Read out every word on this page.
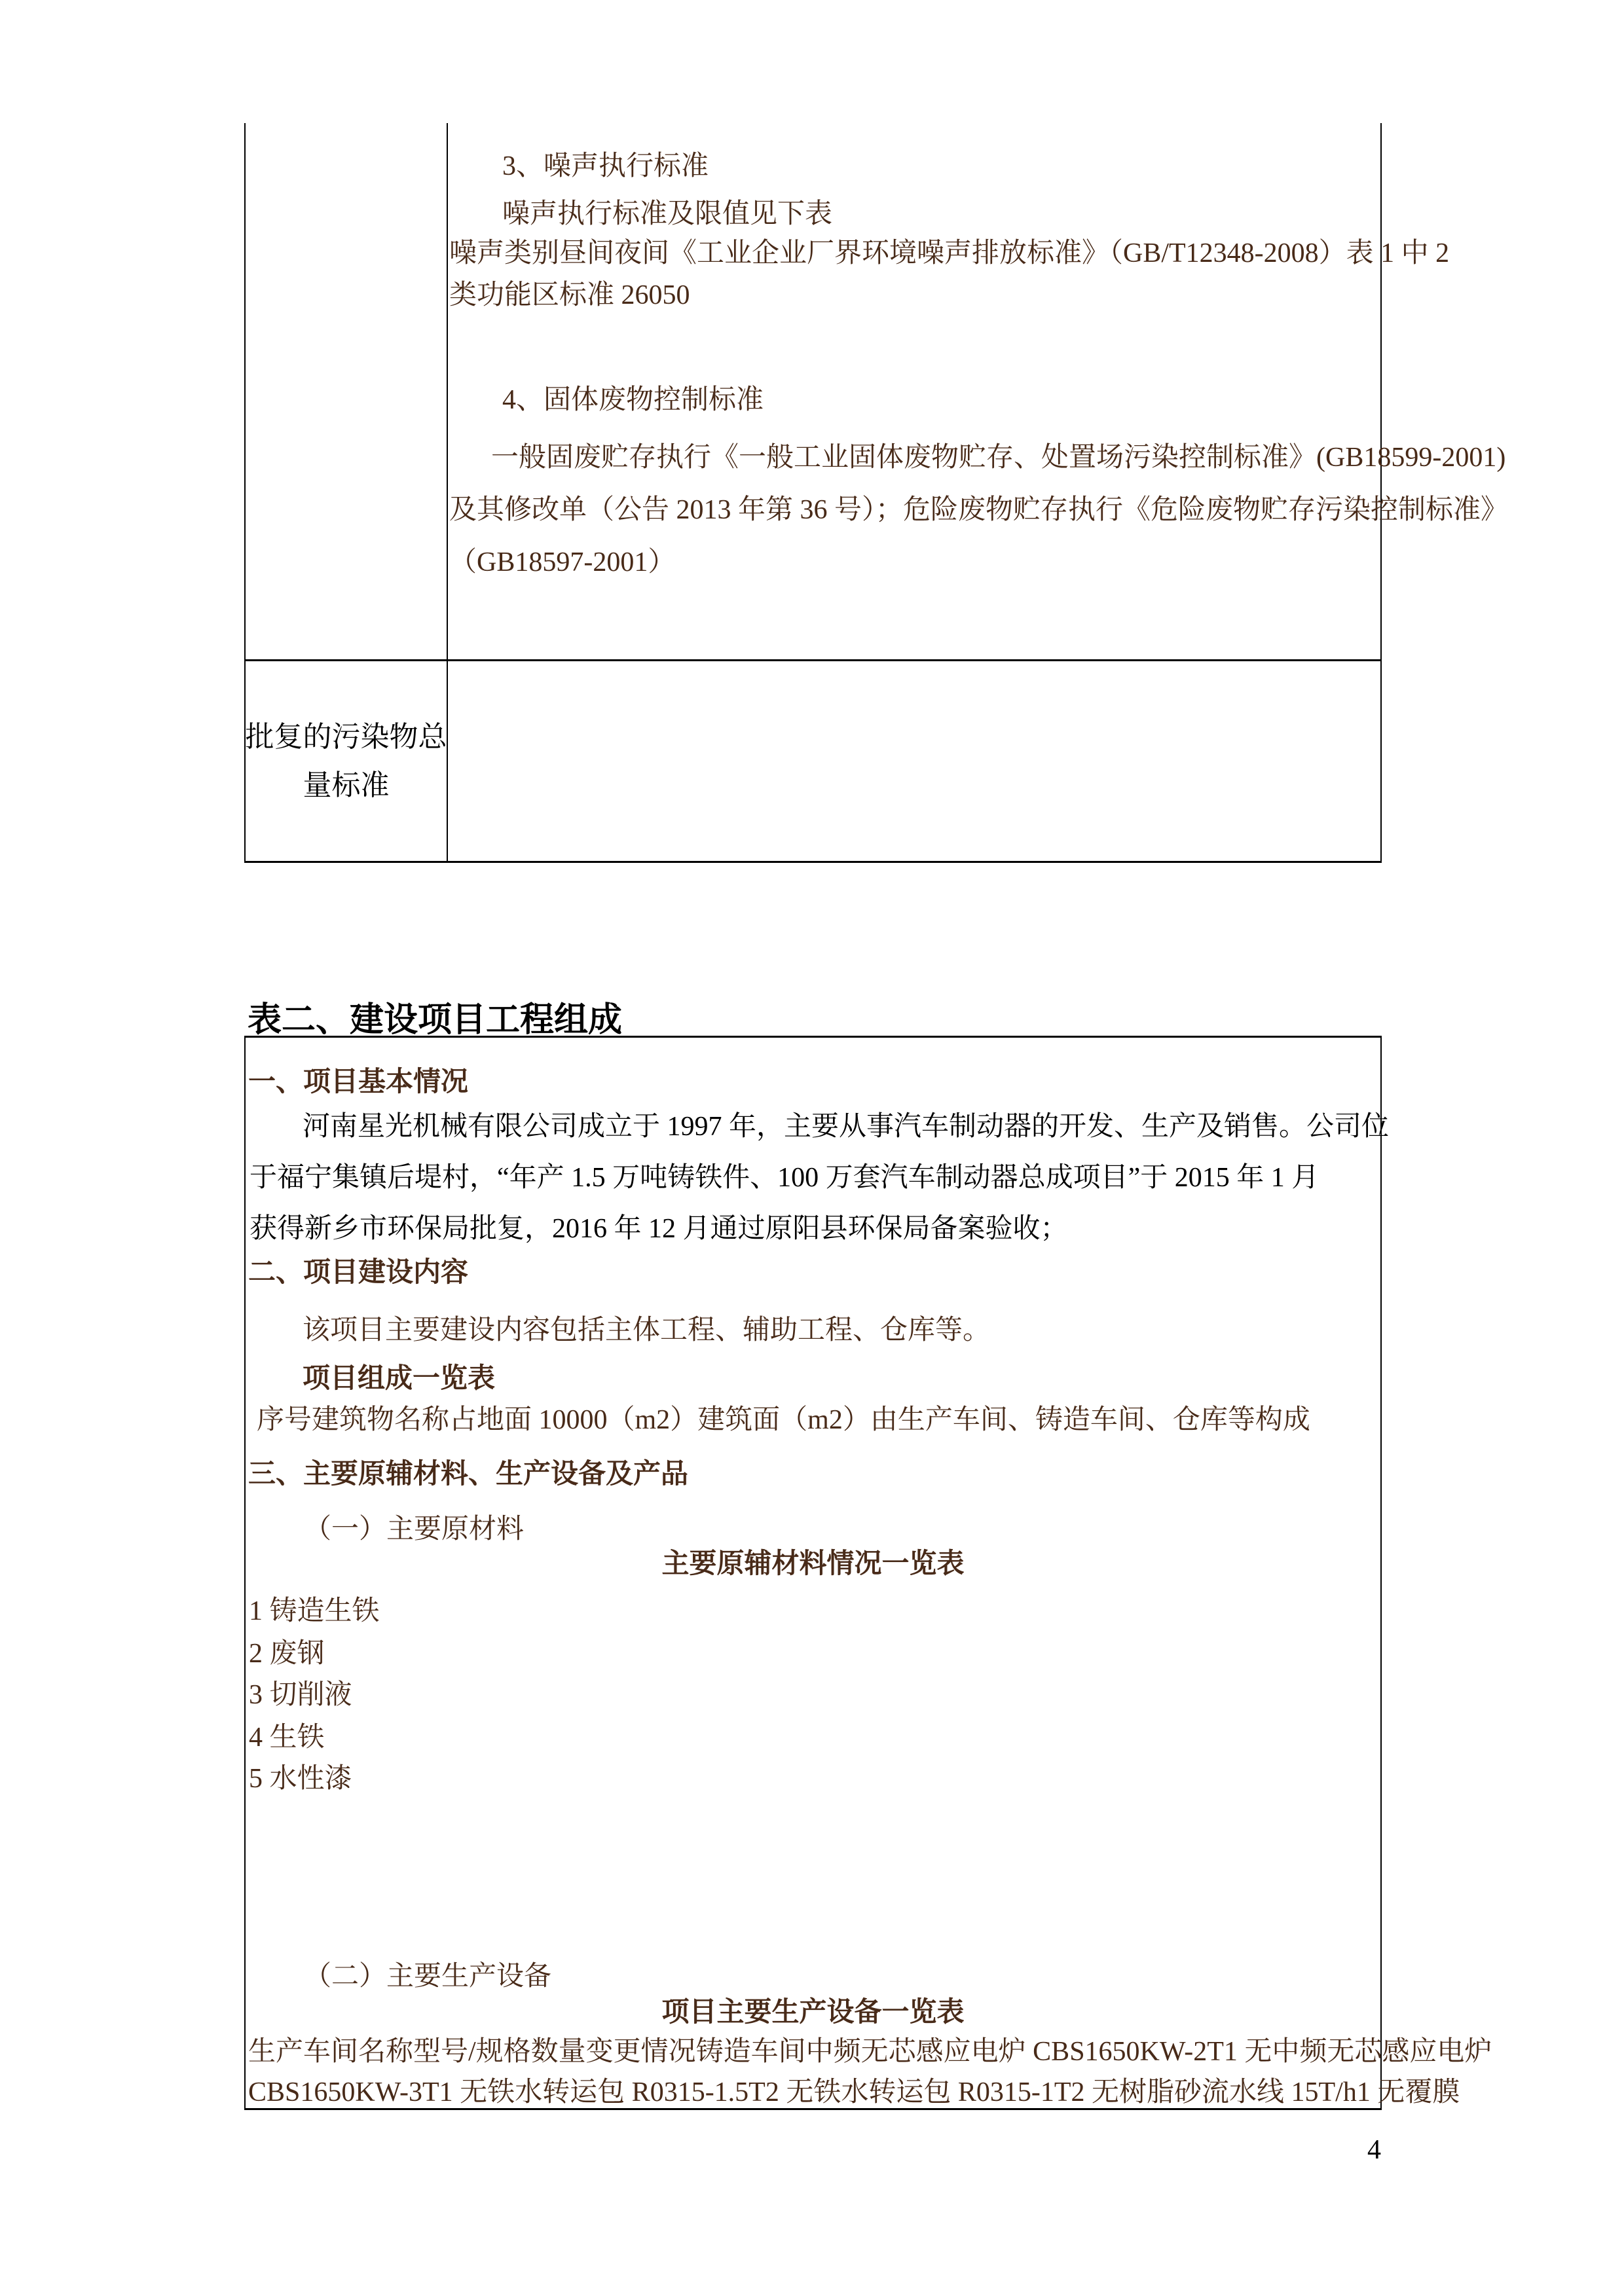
3、噪声执行标准
噪声执行标准及限值见下表
噪声类别昼间夜间《工业企业厂界环境噪声排放标准》（GB/T12348-2008）表 1 中 2
类功能区标准 26050
4、固体废物控制标准
一般固废贮存执行《一般工业固体废物贮存、处置场污染控制标准》(GB18599-2001)
及其修改单（公告 2013 年第 36 号）；危险废物贮存执行《危险废物贮存污染控制标准》
（GB18597-2001）
批复的污染物总
量标准
表二、建设项目工程组成
一、项目基本情况
河南星光机械有限公司成立于 1997 年，主要从事汽车制动器的开发、生产及销售。公司位
于福宁集镇后堤村，“年产 1.5 万吨铸铁件、100 万套汽车制动器总成项目”于 2015 年 1 月
获得新乡市环保局批复，2016 年 12 月通过原阳县环保局备案验收；
二、项目建设内容
该项目主要建设内容包括主体工程、辅助工程、仓库等。
项目组成一览表
序号建筑物名称占地面 10000（m2）建筑面（m2）由生产车间、铸造车间、仓库等构成
三、主要原辅材料、生产设备及产品
（一）主要原材料
主要原辅材料情况一览表
1 铸造生铁
2 废钢
3 切削液
4 生铁
5 水性漆
（二）主要生产设备
项目主要生产设备一览表
生产车间名称型号/规格数量变更情况铸造车间中频无芯感应电炉 CBS1650KW-2T1 无中频无芯感应电炉
CBS1650KW-3T1 无铁水转运包 R0315-1.5T2 无铁水转运包 R0315-1T2 无树脂砂流水线 15T/h1 无覆膜
4
